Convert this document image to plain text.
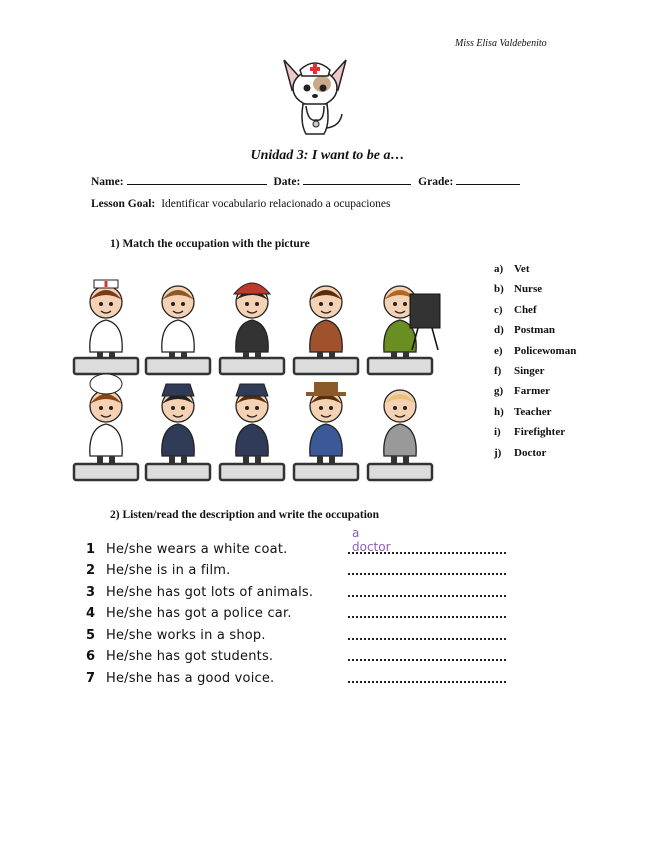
Miss Elisa Valdebenito
Unidad 3: I want to be a…
Name:	Date:	Grade:
Lesson Goal: Identificar vocabulario relacionado a ocupaciones
1) Match the occupation with the picture
a) Vet
b) Nurse
c)	Chef
d) Postman
e)	Policewoman
f)	Singer
g) Farmer
h) Teacher
i)	Firefighter
j)	Doctor
2) Listen/read the description and write the occupation
1 He/she wears a white coat.
a doctor
2 He/she is in a film.
3 He/she has got lots of animals.
4 He/she has got a police car.
5 He/she works in a shop.
6 He/she has got students.
7 He/she has a good voice.
